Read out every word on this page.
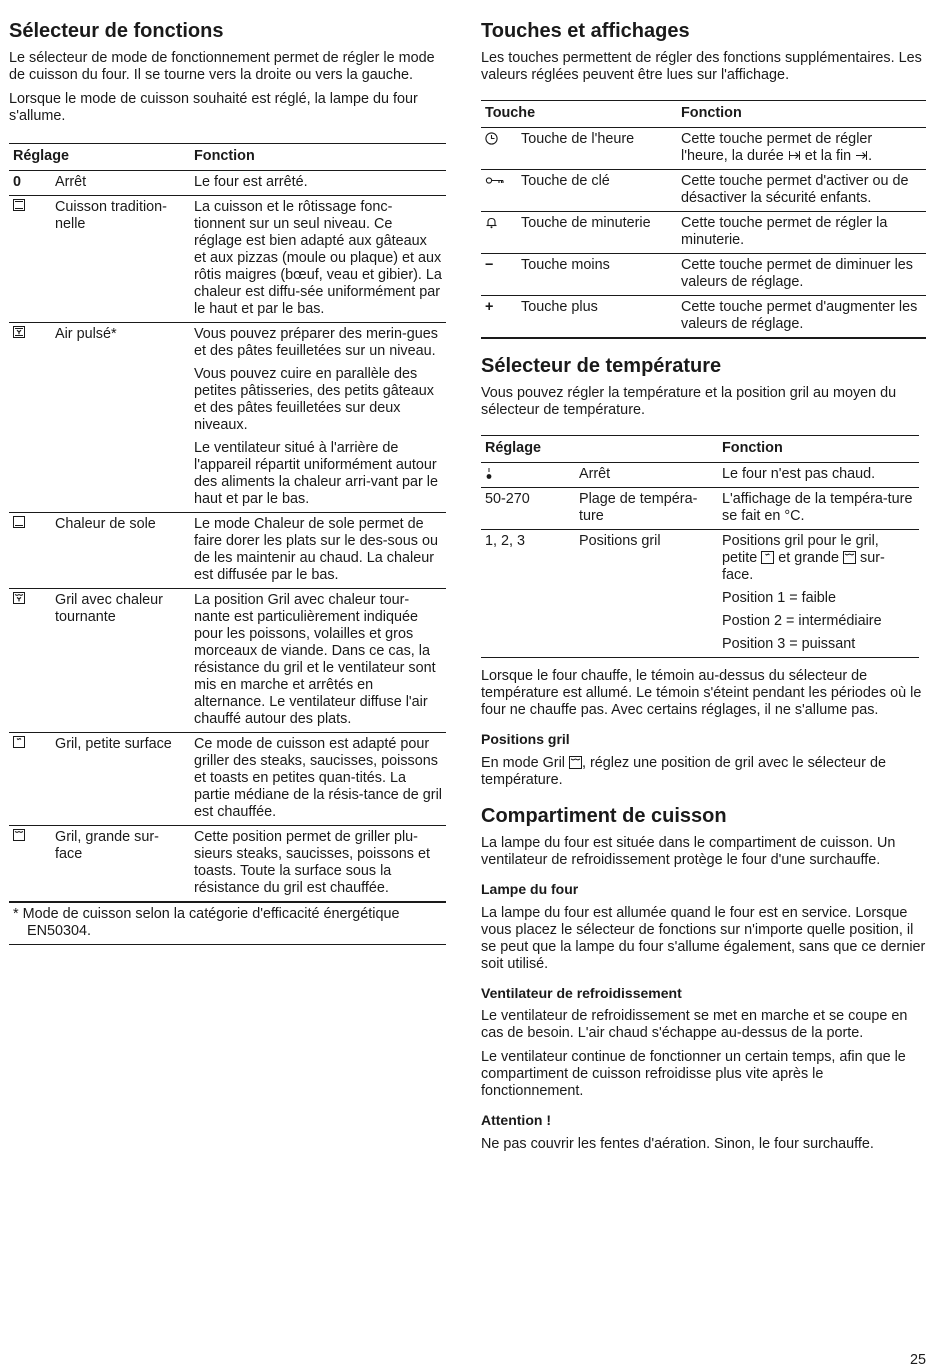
Sélecteur de fonctions

Le sélecteur de mode de fonctionnement permet de régler le mode de cuisson du four. Il se tourne vers la droite ou vers la gauche.

Lorsque le mode de cuisson souhaité est réglé, la lampe du four s'allume.

Réglage		Fonction
0	Arrêt	Le four est arrêté.

	Cuisson tradition-nelle	La cuisson et le rôtissage fonc-tionnent sur un seul niveau. Ce réglage est bien adapté aux gâteaux et aux pizzas (moule ou plaque) et aux rôtis maigres (bœuf, veau et gibier). La chaleur est diffu-sée uniformément par le haut et par le bas.

	Air pulsé*	Vous pouvez préparer des merin-gues et des pâtes feuilletées sur un niveau.

Vous pouvez cuire en parallèle des petites pâtisseries, des petits gâteaux et des pâtes feuilletées sur deux niveaux.

Le ventilateur situé à l'arrière de l'appareil répartit uniformément autour des aliments la chaleur arri-vant par le haut et par le bas.

	Chaleur de sole	Le mode Chaleur de sole permet de faire dorer les plats sur le des-sous ou de les maintenir au chaud. La chaleur est diffusée par le bas.

	Gril avec chaleur tournante	La position Gril avec chaleur tour-nante est particulièrement indiquée pour les poissons, volailles et gros morceaux de viande. Dans ce cas, la résistance du gril et le ventilateur sont mis en marche et arrêtés en alternance. Le ventilateur diffuse l'air chauffé autour des plats.

	Gril, petite surface	Ce mode de cuisson est adapté pour griller des steaks, saucisses, poissons et toasts en petites quan-tités. La partie médiane de la résis-tance de gril est chauffée.

	Gril, grande sur-face	Cette position permet de griller plu-sieurs steaks, saucisses, poissons et toasts. Toute la surface sous la résistance du gril est chauffée.

* Mode de cuisson selon la catégorie d'efficacité énergétique
EN50304.
Touches et affichages

Les touches permettent de régler des fonctions supplémentaires. Les valeurs réglées peuvent être lues sur l'affichage.

Touche		Fonction
	Touche de l'heure	Cette touche permet de régler l'heure, la durée  et la fin .
	Touche de clé	Cette touche permet d'activer ou de désactiver la sécurité enfants.
	Touche de minuterie	Cette touche permet de régler la minuterie.
−	Touche moins	Cette touche permet de diminuer les valeurs de réglage.
+	Touche plus	Cette touche permet d'augmenter les valeurs de réglage.
Sélecteur de température

Vous pouvez régler la température et la position gril au moyen du sélecteur de température.

Réglage		Fonction
	Arrêt	Le four n'est pas chaud.
50-270	Plage de tempéra-ture	L'affichage de la tempéra-ture se fait en °C.
1, 2, 3	Positions gril	Positions gril pour le gril, petite  et grande  sur-face.

Position 1 = faible

Postion 2 = intermédiaire

Position 3 = puissant

Lorsque le four chauffe, le témoin au-dessus du sélecteur de température est allumé. Le témoin s'éteint pendant les périodes où le four ne chauffe pas. Avec certains réglages, il ne s'allume pas.

Positions gril

En mode Gril , réglez une position de gril avec le sélecteur de température.

Compartiment de cuisson

La lampe du four est située dans le compartiment de cuisson. Un ventilateur de refroidissement protège le four d'une surchauffe.

Lampe du four

La lampe du four est allumée quand le four est en service. Lorsque vous placez le sélecteur de fonctions sur n'importe quelle position, il se peut que la lampe du four s'allume également, sans que ce dernier soit utilisé.

Ventilateur de refroidissement

Le ventilateur de refroidissement se met en marche et se coupe en cas de besoin. L'air chaud s'échappe au-dessus de la porte.

Le ventilateur continue de fonctionner un certain temps, afin que le compartiment de cuisson refroidisse plus vite après le fonctionnement.

Attention !

Ne pas couvrir les fentes d'aération. Sinon, le four surchauffe.

25
